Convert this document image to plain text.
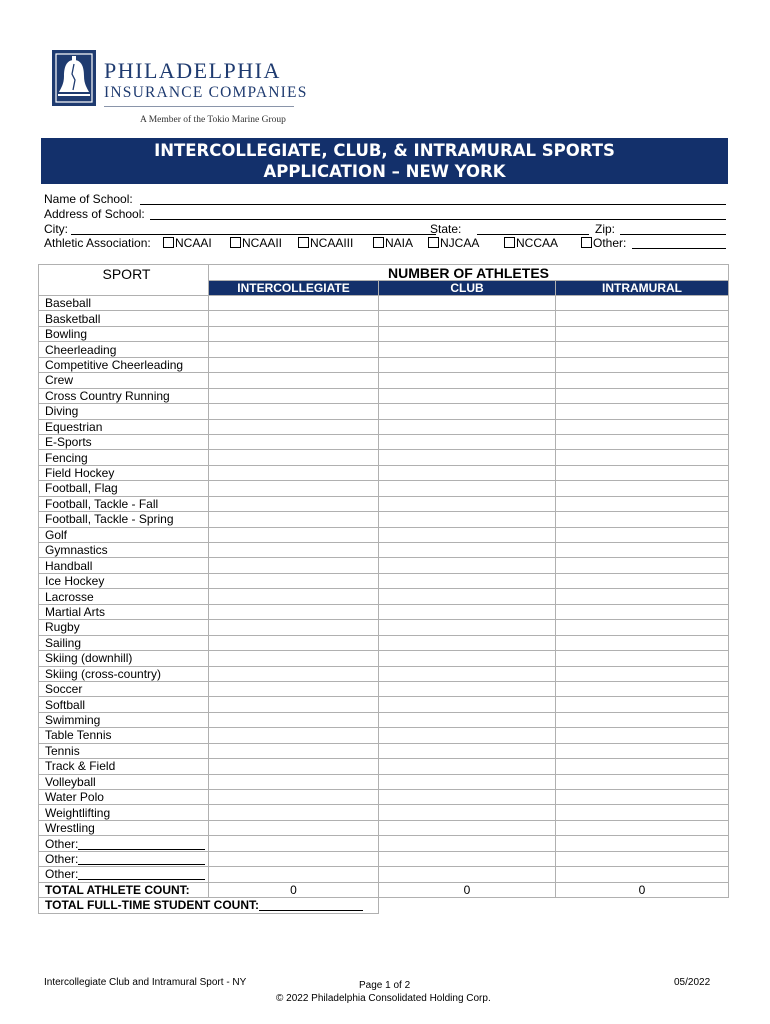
PHILADELPHIA
INSURANCE COMPANIES
A Member of the Tokio Marine Group
INTERCOLLEGIATE, CLUB, & INTRAMURAL SPORTS
APPLICATION – NEW YORK
Name of School:
Address of School:
City:	State:	Zip:
Athletic Association:	NCAAI	NCAAII	NCAAIII	NAIA	NJCAA	NCCAA	Other:
SPORT	NUMBER OF ATHLETES		
	INTERCOLLEGIATE	CLUB	INTRAMURAL
Baseball			
Basketball			
Bowling			
Cheerleading			
Competitive Cheerleading			
Crew			
Cross Country Running			
Diving			
Equestrian			
E-Sports			
Fencing			
Field Hockey			
Football, Flag			
Football, Tackle - Fall			
Football, Tackle - Spring			
Golf			
Gymnastics			
Handball			
Ice Hockey			
Lacrosse			
Martial Arts			
Rugby			
Sailing			
Skiing (downhill)			
Skiing (cross-country)			
Soccer			
Softball			
Swimming			
Table Tennis			
Tennis			
Track & Field			
Volleyball			
Water Polo			
Weightlifting			
Wrestling			
Other:			
Other:			
Other:			
TOTAL ATHLETE COUNT:	0	0	0
TOTAL FULL-TIME STUDENT COUNT:			
Intercollegiate Club and Intramural Sport - NY	Page 1 of 2
© 2022 Philadelphia Consolidated Holding Corp.
05/2022
